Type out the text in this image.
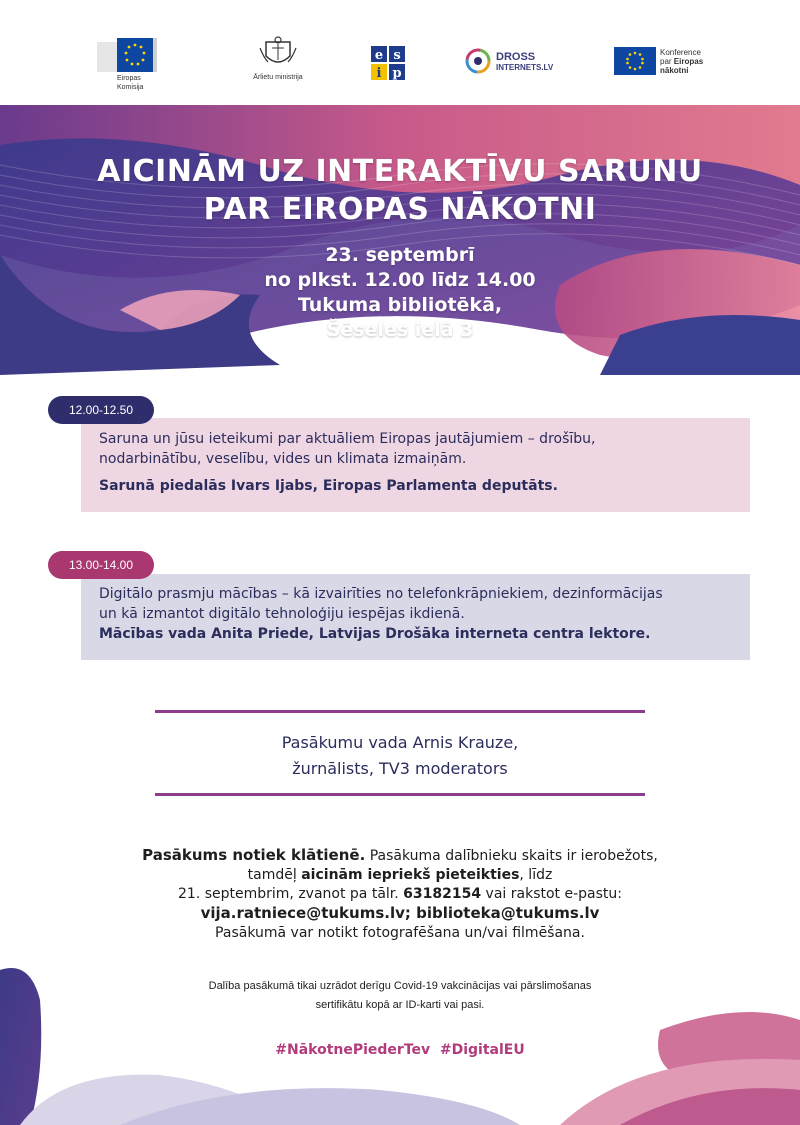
Eiropas
Komisija
Ārlietu ministrija
e s
i p
DROSS
INTERNETS.LV
Konference
par Eiropas
nākotni
AICINĀM UZ INTERAKTĪVU SARUNU
PAR EIROPAS NĀKOTNI
23. septembrī
no plkst. 12.00 līdz 14.00
Tukuma bibliotēkā,
Šēseles ielā 3

Saruna un jūsu ieteikumi par aktuāliem Eiropas jautājumiem – drošību,

nodarbinātību, veselību, vides un klimata izmaiņām.

Sarunā piedalās Ivars Ijabs, Eiropas Parlamenta deputāts.

12.00-12.50

Digitālo prasmju mācības – kā izvairīties no telefonkrāpniekiem, dezinformācijas

un kā izmantot digitālo tehnoloģiju iespējas ikdienā.

Mācības vada Anita Priede, Latvijas Drošāka interneta centra lektore.

13.00-14.00
Pasākumu vada Arnis Krauze,
žurnālists, TV3 moderators
Pasākums notiek klātienē. Pasākuma dalībnieku skaits ir ierobežots,
tamdēļ aicinām iepriekš pieteikties, līdz
21. septembrim, zvanot pa tālr. 63182154 vai rakstot e-pastu:
vija.ratniece@tukums.lv; biblioteka@tukums.lv
Pasākumā var notikt fotografēšana un/vai filmēšana.
Dalība pasākumā tikai uzrādot derīgu Covid-19 vakcinācijas vai pārslimošanas
sertifikātu kopā ar ID-karti vai pasi.
#NākotnePiederTev  #DigitalEU
